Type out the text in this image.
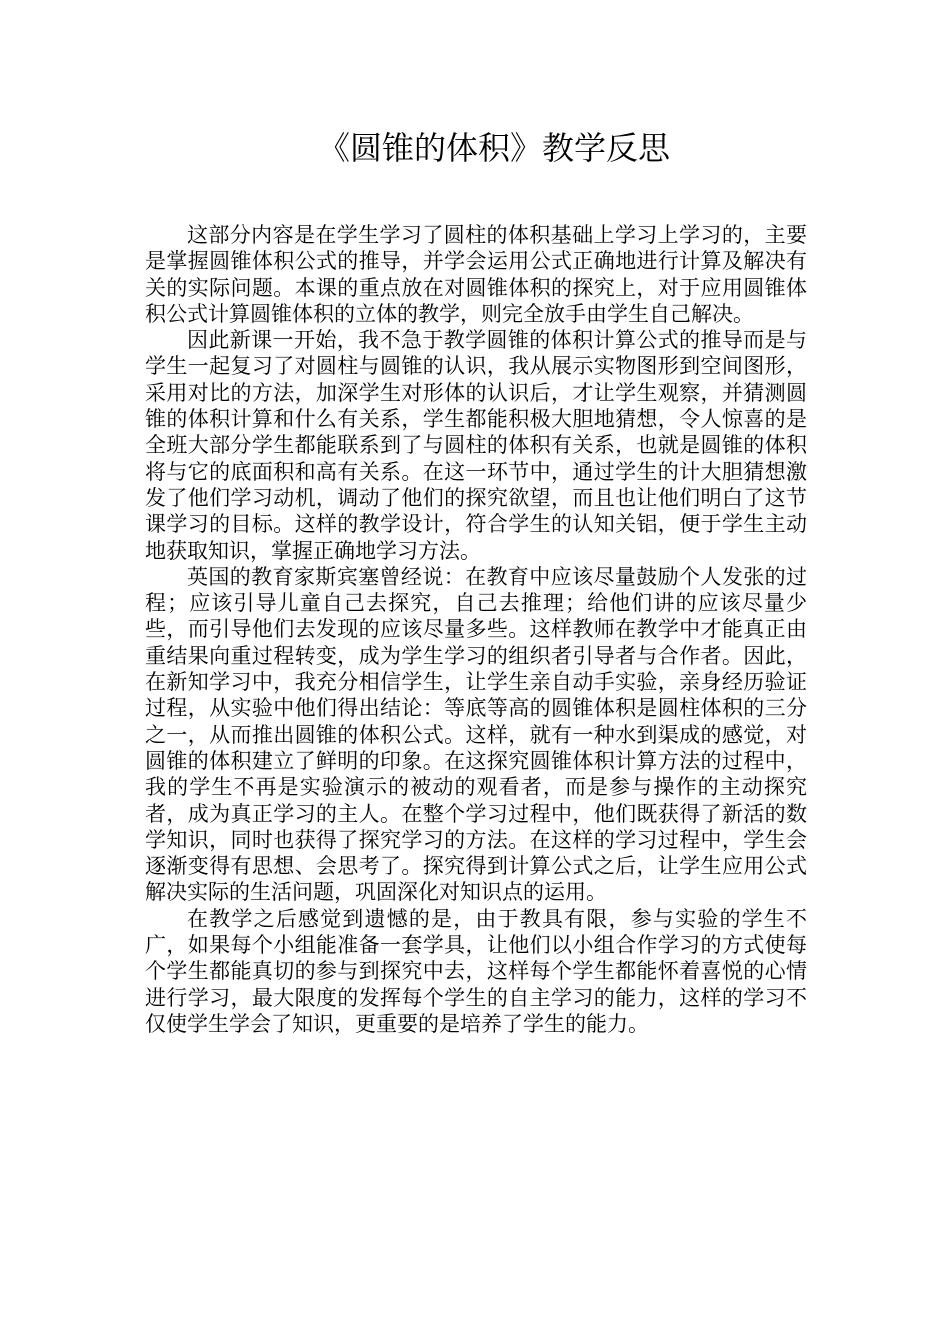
《圆锥的体积》教学反思

这部分内容是在学生学习了圆柱的体积基础上学习上学习的，主要是掌握圆锥体积公式的推导，并学会运用公式正确地进行计算及解决有关的实际问题。本课的重点放在对圆锥体积的探究上，对于应用圆锥体积公式计算圆锥体积的立体的教学，则完全放手由学生自己解决。

因此新课一开始，我不急于教学圆锥的体积计算公式的推导而是与学生一起复习了对圆柱与圆锥的认识，我从展示实物图形到空间图形，采用对比的方法，加深学生对形体的认识后，才让学生观察，并猜测圆锥的体积计算和什么有关系，学生都能积极大胆地猜想，令人惊喜的是全班大部分学生都能联系到了与圆柱的体积有关系，也就是圆锥的体积将与它的底面积和高有关系。在这一环节中，通过学生的计大胆猜想激发了他们学习动机，调动了他们的探究欲望，而且也让他们明白了这节课学习的目标。这样的教学设计，符合学生的认知关铝，便于学生主动地获取知识，掌握正确地学习方法。

英国的教育家斯宾塞曾经说：在教育中应该尽量鼓励个人发张的过程；应该引导儿童自己去探究，自己去推理；给他们讲的应该尽量少些，而引导他们去发现的应该尽量多些。这样教师在教学中才能真正由重结果向重过程转变，成为学生学习的组织者引导者与合作者。因此，在新知学习中，我充分相信学生，让学生亲自动手实验，亲身经历验证过程，从实验中他们得出结论：等底等高的圆锥体积是圆柱体积的三分之一，从而推出圆锥的体积公式。这样，就有一种水到渠成的感觉，对圆锥的体积建立了鲜明的印象。在这探究圆锥体积计算方法的过程中，我的学生不再是实验演示的被动的观看者，而是参与操作的主动探究者，成为真正学习的主人。在整个学习过程中，他们既获得了新活的数学知识，同时也获得了探究学习的方法。在这样的学习过程中，学生会逐渐变得有思想、会思考了。探究得到计算公式之后，让学生应用公式解决实际的生活问题，巩固深化对知识点的运用。

在教学之后感觉到遗憾的是，由于教具有限，参与实验的学生不广，如果每个小组能准备一套学具，让他们以小组合作学习的方式使每个学生都能真切的参与到探究中去，这样每个学生都能怀着喜悦的心情进行学习，最大限度的发挥每个学生的自主学习的能力，这样的学习不仅使学生学会了知识，更重要的是培养了学生的能力。
